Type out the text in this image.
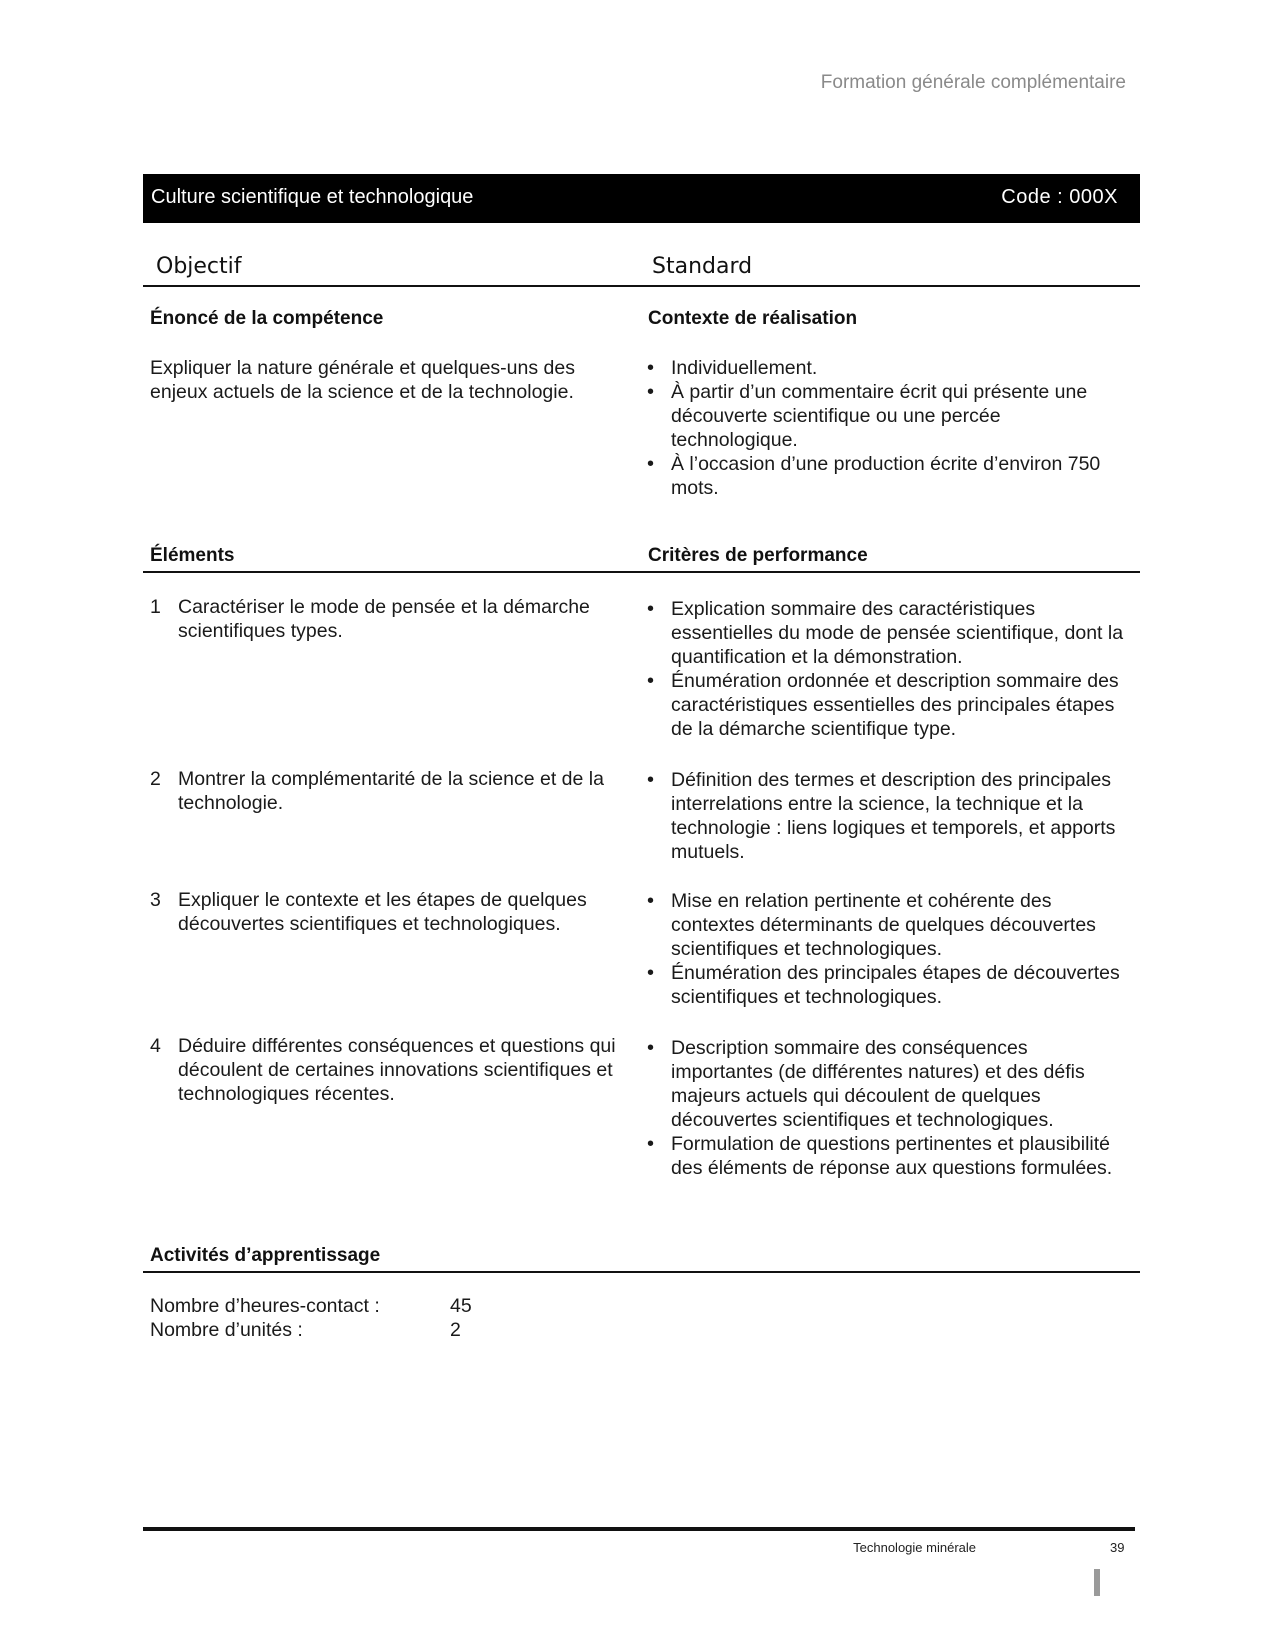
Formation générale complémentaire
Culture scientifique et technologique	Code : 000X
Objectif	Standard
Énoncé de la compétence	Contexte de réalisation
Expliquer la nature générale et quelques-uns des enjeux actuels de la science et de la technologie.
• Individuellement.
• À partir d’un commentaire écrit qui présente une découverte scientifique ou une percée technologique.
• À l’occasion d’une production écrite d’environ 750 mots.
Éléments	Critères de performance
1 Caractériser le mode de pensée et la démarche scientifiques types.
• Explication sommaire des caractéristiques essentielles du mode de pensée scientifique, dont la quantification et la démonstration.
• Énumération ordonnée et description sommaire des caractéristiques essentielles des principales étapes de la démarche scientifique type.
2 Montrer la complémentarité de la science et de la technologie.
• Définition des termes et description des principales interrelations entre la science, la technique et la technologie : liens logiques et temporels, et apports mutuels.
3 Expliquer le contexte et les étapes de quelques découvertes scientifiques et technologiques.
• Mise en relation pertinente et cohérente des contextes déterminants de quelques découvertes scientifiques et technologiques.
• Énumération des principales étapes de découvertes scientifiques et technologiques.
4 Déduire différentes conséquences et questions qui découlent de certaines innovations scientifiques et technologiques récentes.
• Description sommaire des conséquences importantes (de différentes natures) et des défis majeurs actuels qui découlent de quelques découvertes scientifiques et technologiques.
• Formulation de questions pertinentes et plausibilité des éléments de réponse aux questions formulées.
Activités d’apprentissage
Nombre d’heures-contact :	45
Nombre d’unités :	2
Technologie minérale	39
